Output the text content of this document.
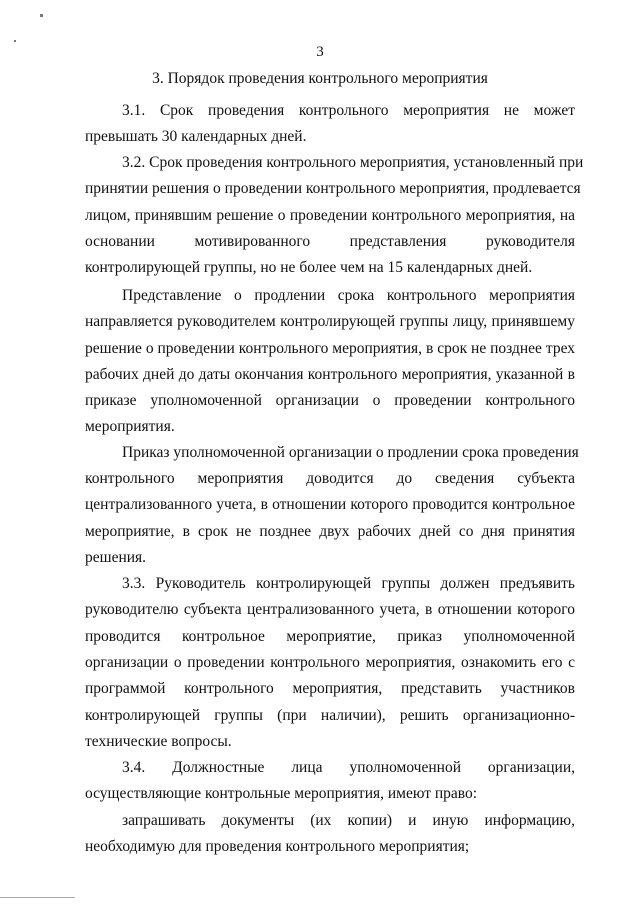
3
3. Порядок проведения контрольного мероприятия
3.1. Срок проведения контрольного мероприятия не может
превышать 30 календарных дней.
3.2. Срок проведения контрольного мероприятия, установленный при
принятии решения о проведении контрольного мероприятия, продлевается
лицом, принявшим решение о проведении контрольного мероприятия, на
основании мотивированного представления руководителя
контролирующей группы, но не более чем на 15 календарных дней.
Представление о продлении срока контрольного мероприятия
направляется руководителем контролирующей группы лицу, принявшему
решение о проведении контрольного мероприятия, в срок не позднее трех
рабочих дней до даты окончания контрольного мероприятия, указанной в
приказе уполномоченной организации о проведении контрольного
мероприятия.
Приказ уполномоченной организации о продлении срока проведения
контрольного мероприятия доводится до сведения субъекта
централизованного учета, в отношении которого проводится контрольное
мероприятие, в срок не позднее двух рабочих дней со дня принятия
решения.
3.3. Руководитель контролирующей группы должен предъявить
руководителю субъекта централизованного учета, в отношении которого
проводится контрольное мероприятие, приказ уполномоченной
организации о проведении контрольного мероприятия, ознакомить его с
программой контрольного мероприятия, представить участников
контролирующей группы (при наличии), решить организационно-
технические вопросы.
3.4. Должностные лица уполномоченной организации,
осуществляющие контрольные мероприятия, имеют право:
запрашивать документы (их копии) и иную информацию,
необходимую для проведения контрольного мероприятия;
